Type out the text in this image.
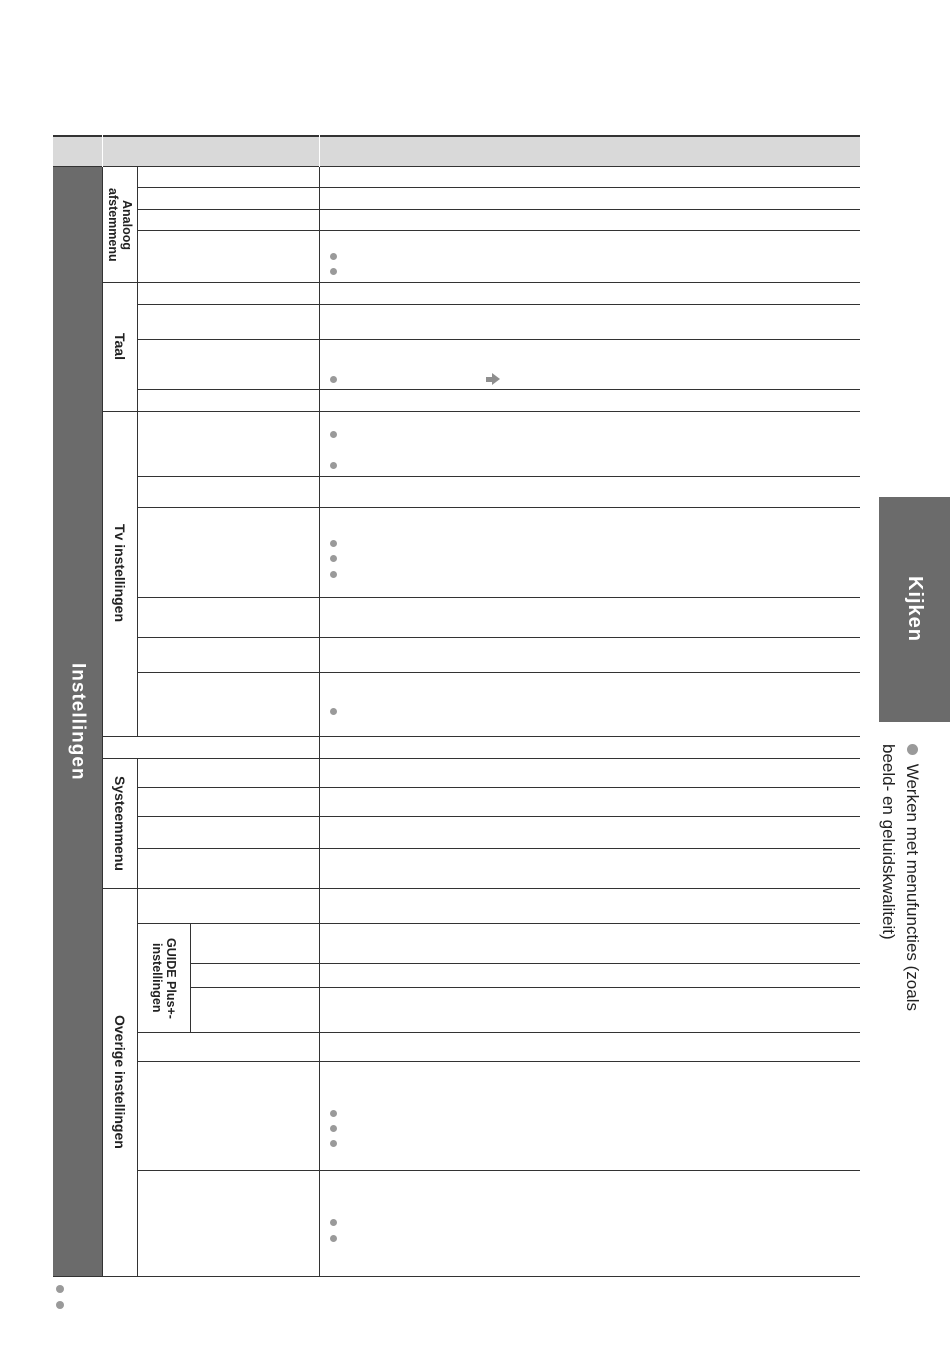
Instellingen
Analoog afstemmenu
Taal
Tv instellingen
Systeemmenu
Overige instellingen
GUIDE Plus+-instellingen
Kijken
Werken met menufuncties (zoals beeld- en geluidskwaliteit)
